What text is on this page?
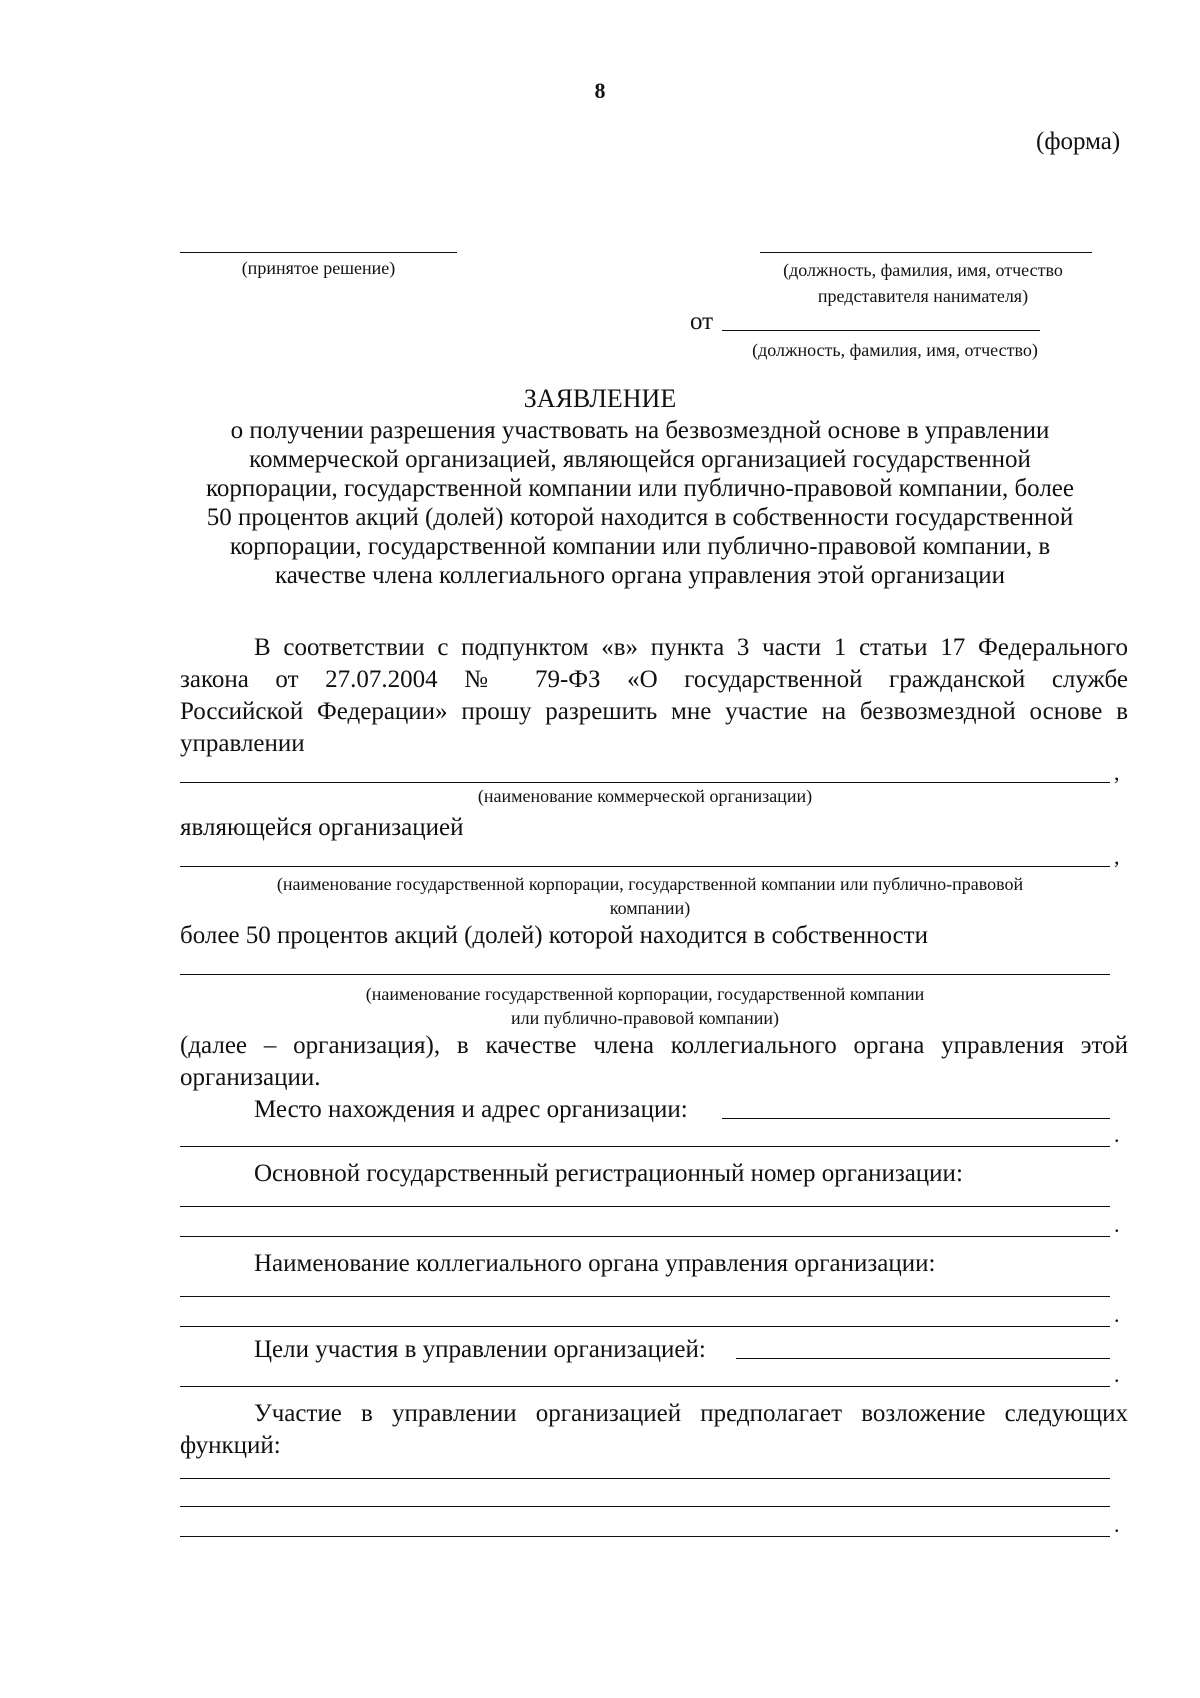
8
(форма)
(принятое решение)	(должность, фамилия, имя, отчество
представителя нанимателя)
от
(должность, фамилия, имя, отчество)
ЗАЯВЛЕНИЕ
о получении разрешения участвовать на безвозмездной основе в управлении
коммерческой организацией, являющейся организацией государственной
корпорации, государственной компании или публично-правовой компании, более
50 процентов акций (долей) которой находится в собственности государственной
корпорации, государственной компании или публично-правовой компании, в
качестве члена коллегиального органа управления этой организации
В соответствии с подпунктом «в» пункта 3 части 1 статьи 17 Федерального
закона от 27.07.2004 № 79-ФЗ «О государственной гражданской службе
Российской Федерации» прошу разрешить мне участие на безвозмездной основе в
управлении
,
(наименование коммерческой организации)
являющейся организацией
,
(наименование государственной корпорации, государственной компании или публично-правовой
компании)
более 50 процентов акций (долей) которой находится в собственности
(наименование государственной корпорации, государственной компании
или публично-правовой компании)
(далее – организация), в качестве члена коллегиального органа управления этой
организации.
Место нахождения и адрес организации:
.
Основной государственный регистрационный номер организации:
.
Наименование коллегиального органа управления организации:
.
Цели участия в управлении организацией:
.
Участие в управлении организацией предполагает возложение следующих
функций:
.
